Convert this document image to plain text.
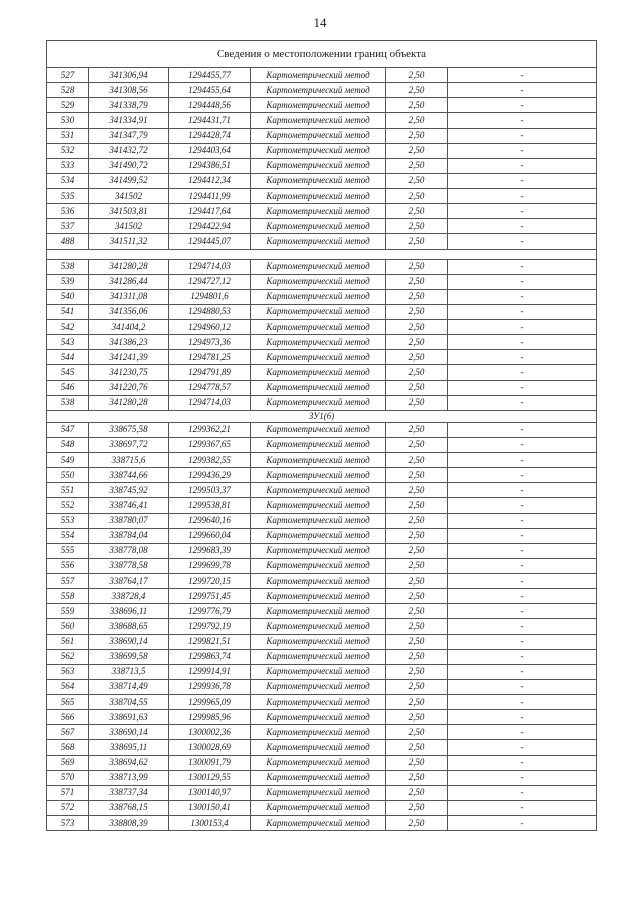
14
Сведения о местоположении границ объекта					
527	341306,94	1294455,77	Картометрический метод	2,50	-
528	341308,56	1294455,64	Картометрический метод	2,50	-
529	341338,79	1294448,56	Картометрический метод	2,50	-
530	341334,91	1294431,71	Картометрический метод	2,50	-
531	341347,79	1294428,74	Картометрический метод	2,50	-
532	341432,72	1294403,64	Картометрический метод	2,50	-
533	341490,72	1294386,51	Картометрический метод	2,50	-
534	341499,52	1294412,34	Картометрический метод	2,50	-
535	341502	1294411,99	Картометрический метод	2,50	-
536	341503,81	1294417,64	Картометрический метод	2,50	-
537	341502	1294422,94	Картометрический метод	2,50	-
488	341511,32	1294445,07	Картометрический метод	2,50	-

538	341280,28	1294714,03	Картометрический метод	2,50	-
539	341286,44	1294727,12	Картометрический метод	2,50	-
540	341311,08	1294801,6	Картометрический метод	2,50	-
541	341356,06	1294880,53	Картометрический метод	2,50	-
542	341404,2	1294960,12	Картометрический метод	2,50	-
543	341386,23	1294973,36	Картометрический метод	2,50	-
544	341241,39	1294781,25	Картометрический метод	2,50	-
545	341230,75	1294791,89	Картометрический метод	2,50	-
546	341220,76	1294778,57	Картометрический метод	2,50	-
538	341280,28	1294714,03	Картометрический метод	2,50	-
ЗУ1(6)					
547	338675,58	1299362,21	Картометрический метод	2,50	-
548	338697,72	1299367,65	Картометрический метод	2,50	-
549	338715,6	1299382,55	Картометрический метод	2,50	-
550	338744,66	1299436,29	Картометрический метод	2,50	-
551	338745,92	1299503,37	Картометрический метод	2,50	-
552	338746,41	1299538,81	Картометрический метод	2,50	-
553	338780,07	1299640,16	Картометрический метод	2,50	-
554	338784,04	1299660,04	Картометрический метод	2,50	-
555	338778,08	1299683,39	Картометрический метод	2,50	-
556	338778,58	1299699,78	Картометрический метод	2,50	-
557	338764,17	1299720,15	Картометрический метод	2,50	-
558	338728,4	1299751,45	Картометрический метод	2,50	-
559	338696,11	1299776,79	Картометрический метод	2,50	-
560	338688,65	1299792,19	Картометрический метод	2,50	-
561	338690,14	1299821,51	Картометрический метод	2,50	-
562	338699,58	1299863,74	Картометрический метод	2,50	-
563	338713,5	1299914,91	Картометрический метод	2,50	-
564	338714,49	1299936,78	Картометрический метод	2,50	-
565	338704,55	1299965,09	Картометрический метод	2,50	-
566	338691,63	1299985,96	Картометрический метод	2,50	-
567	338690,14	1300002,36	Картометрический метод	2,50	-
568	338695,11	1300028,69	Картометрический метод	2,50	-
569	338694,62	1300091,79	Картометрический метод	2,50	-
570	338713,99	1300129,55	Картометрический метод	2,50	-
571	338737,34	1300140,97	Картометрический метод	2,50	-
572	338768,15	1300150,41	Картометрический метод	2,50	-
573	338808,39	1300153,4	Картометрический метод	2,50	-
